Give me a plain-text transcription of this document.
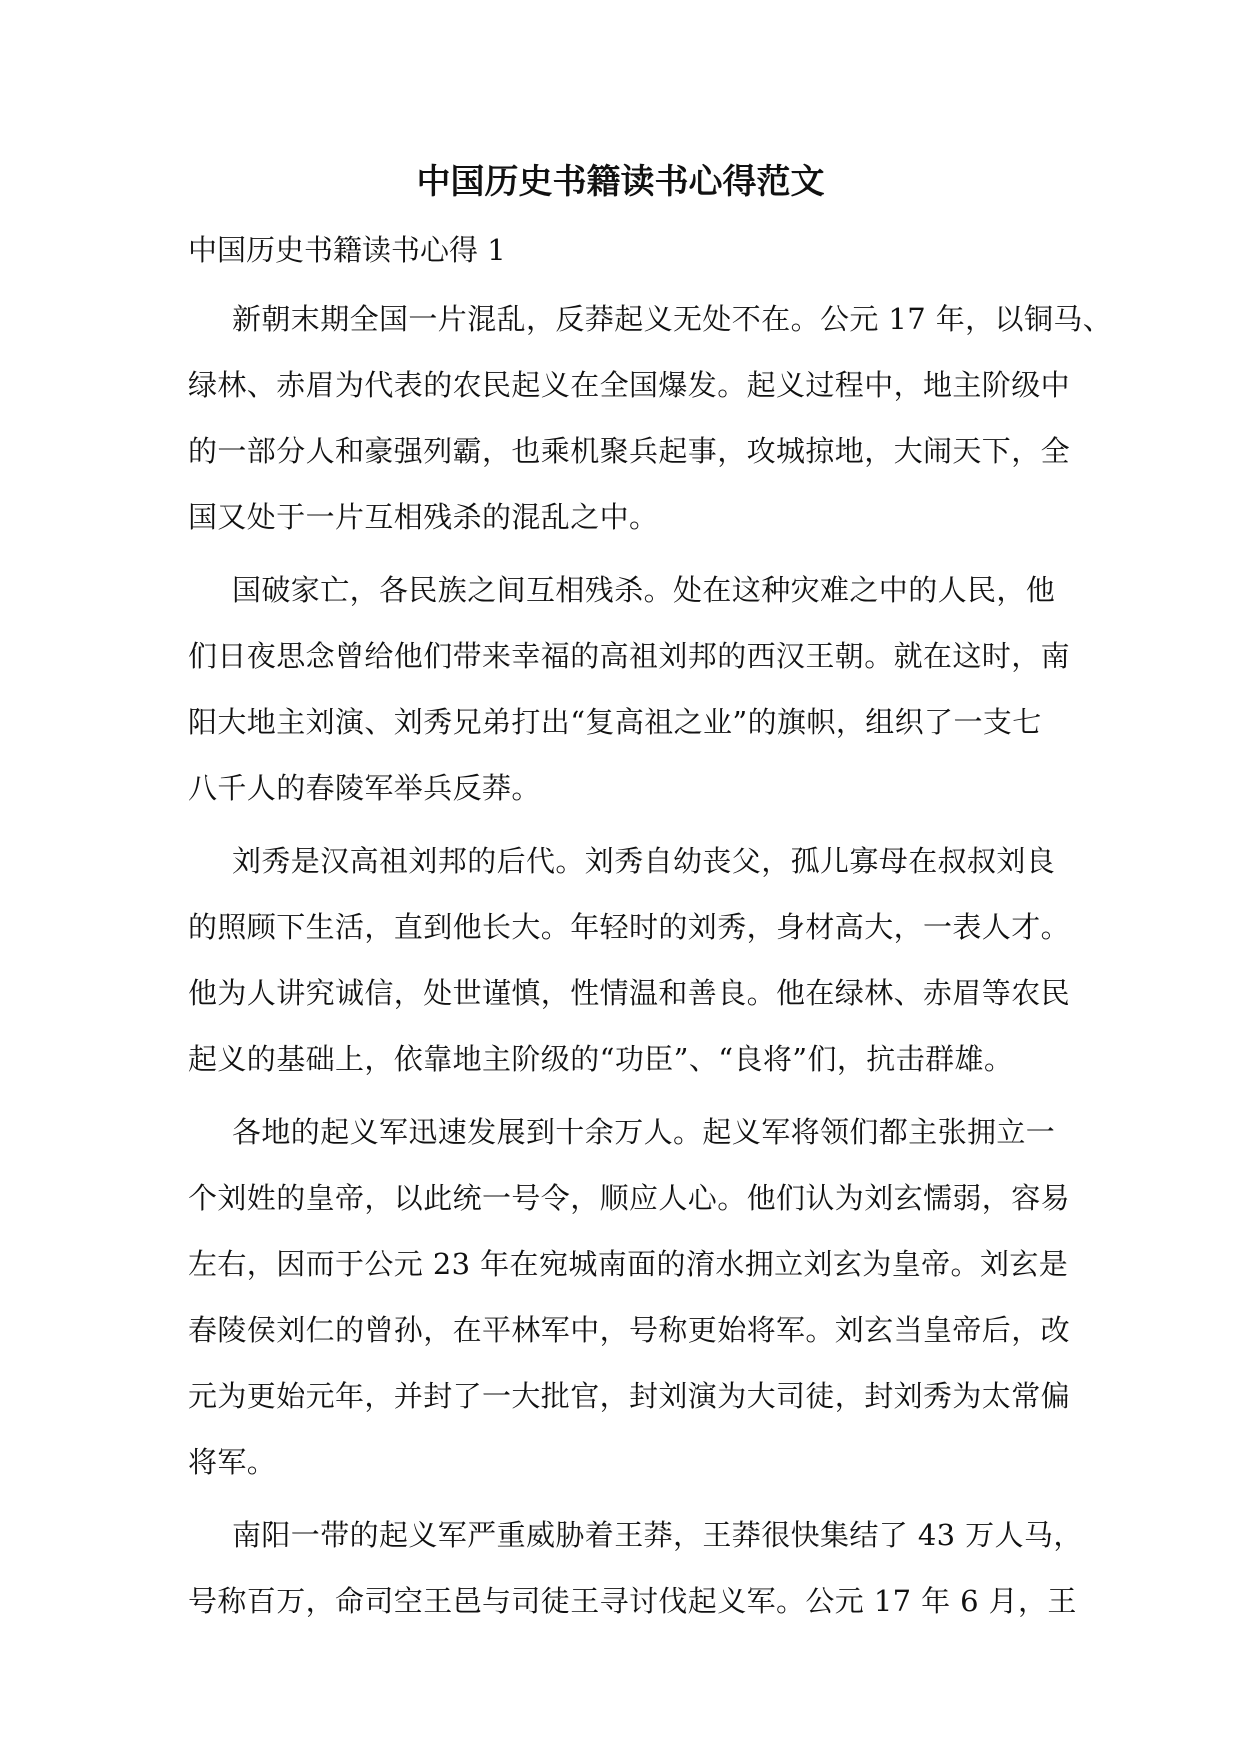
中国历史书籍读书心得范文

中国历史书籍读书心得 1

新朝末期全国一片混乱，反莽起义无处不在。公元 17 年，以铜马、
绿林、赤眉为代表的农民起义在全国爆发。起义过程中，地主阶级中
的一部分人和豪强列霸，也乘机聚兵起事，攻城掠地，大闹天下，全
国又处于一片互相残杀的混乱之中。

国破家亡，各民族之间互相残杀。处在这种灾难之中的人民，他
们日夜思念曾给他们带来幸福的高祖刘邦的西汉王朝。就在这时，南
阳大地主刘演、刘秀兄弟打出“复高祖之业”的旗帜，组织了一支七
八千人的春陵军举兵反莽。

刘秀是汉高祖刘邦的后代。刘秀自幼丧父，孤儿寡母在叔叔刘良
的照顾下生活，直到他长大。年轻时的刘秀，身材高大，一表人才。
他为人讲究诚信，处世谨慎，性情温和善良。他在绿林、赤眉等农民
起义的基础上，依靠地主阶级的“功臣”、“良将”们，抗击群雄。

各地的起义军迅速发展到十余万人。起义军将领们都主张拥立一
个刘姓的皇帝，以此统一号令，顺应人心。他们认为刘玄懦弱，容易
左右，因而于公元 23 年在宛城南面的淯水拥立刘玄为皇帝。刘玄是
春陵侯刘仁的曾孙，在平林军中，号称更始将军。刘玄当皇帝后，改
元为更始元年，并封了一大批官，封刘演为大司徒，封刘秀为太常偏
将军。

南阳一带的起义军严重威胁着王莽，王莽很快集结了 43 万人马，
号称百万，命司空王邑与司徒王寻讨伐起义军。公元 17 年 6 月，王
